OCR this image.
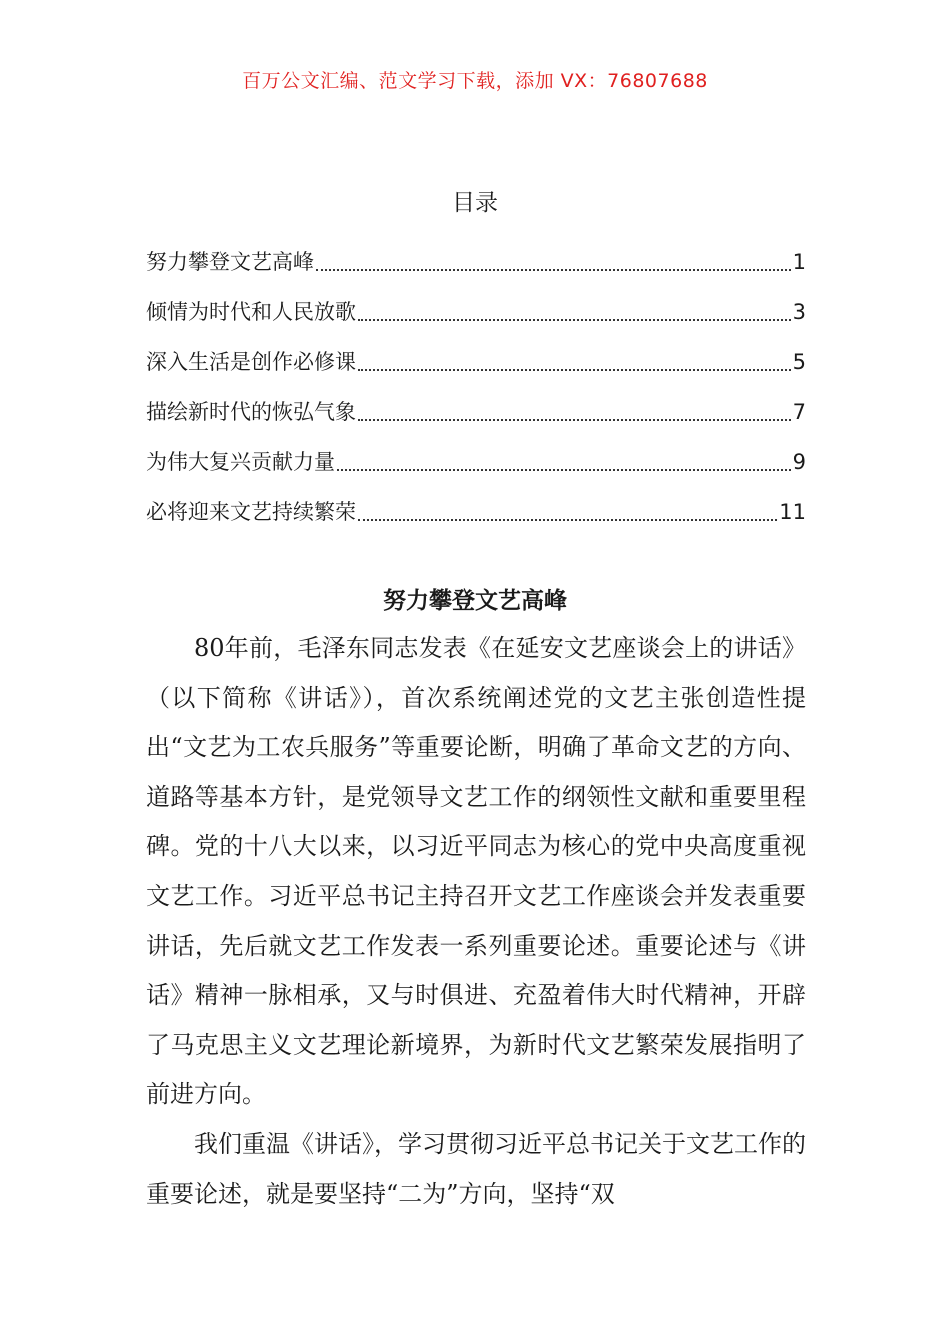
百万公文汇编、范文学习下载，添加 VX：76807688
目录
努力攀登文艺高峰	1
倾情为时代和人民放歌	3
深入生活是创作必修课	5
描绘新时代的恢弘气象	7
为伟大复兴贡献力量	9
必将迎来文艺持续繁荣	11
努力攀登文艺高峰

80年前，毛泽东同志发表《在延安文艺座谈会上的讲话》（以下简称《讲话》），首次系统阐述党的文艺主张创造性提出“文艺为工农兵服务”等重要论断，明确了革命文艺的方向、道路等基本方针，是党领导文艺工作的纲领性文献和重要里程碑。党的十八大以来，以习近平同志为核心的党中央高度重视文艺工作。习近平总书记主持召开文艺工作座谈会并发表重要讲话，先后就文艺工作发表一系列重要论述。重要论述与《讲话》精神一脉相承，又与时俱进、充盈着伟大时代精神，开辟了马克思主义文艺理论新境界，为新时代文艺繁荣发展指明了前进方向。

我们重温《讲话》，学习贯彻习近平总书记关于文艺工作的重要论述，就是要坚持“二为”方向，坚持“双
